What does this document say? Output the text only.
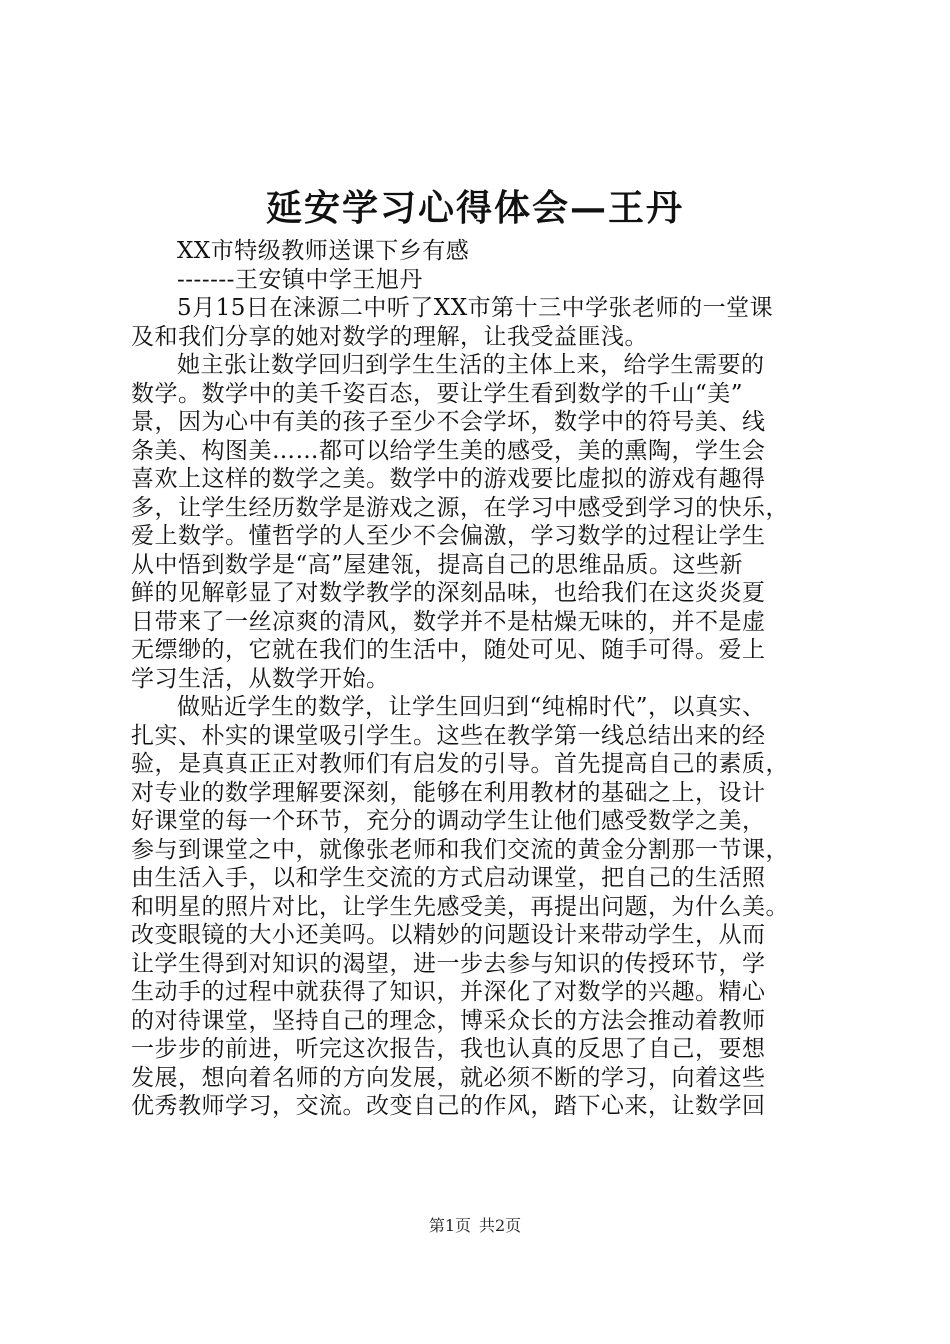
延安学习心得体会—王丹
XX市特级教师送课下乡有感
-------王安镇中学王旭丹
5月15日在涞源二中听了XX市第十三中学张老师的一堂课
及和我们分享的她对数学的理解，让我受益匪浅。
她主张让数学回归到学生生活的主体上来，给学生需要的
数学。数学中的美千姿百态，要让学生看到数学的千山“美”
景，因为心中有美的孩子至少不会学坏，数学中的符号美、线
条美、构图美……都可以给学生美的感受，美的熏陶，学生会
喜欢上这样的数学之美。数学中的游戏要比虚拟的游戏有趣得
多，让学生经历数学是游戏之源，在学习中感受到学习的快乐，
爱上数学。懂哲学的人至少不会偏激，学习数学的过程让学生
从中悟到数学是“高”屋建瓴，提高自己的思维品质。这些新
鲜的见解彰显了对数学教学的深刻品味，也给我们在这炎炎夏
日带来了一丝凉爽的清风，数学并不是枯燥无味的，并不是虚
无缥缈的，它就在我们的生活中，随处可见、随手可得。爱上
学习生活，从数学开始。
做贴近学生的数学，让学生回归到“纯棉时代”，以真实、
扎实、朴实的课堂吸引学生。这些在教学第一线总结出来的经
验，是真真正正对教师们有启发的引导。首先提高自己的素质，
对专业的数学理解要深刻，能够在利用教材的基础之上，设计
好课堂的每一个环节，充分的调动学生让他们感受数学之美，
参与到课堂之中，就像张老师和我们交流的黄金分割那一节课，
由生活入手，以和学生交流的方式启动课堂，把自己的生活照
和明星的照片对比，让学生先感受美，再提出问题，为什么美。
改变眼镜的大小还美吗。以精妙的问题设计来带动学生，从而
让学生得到对知识的渴望，进一步去参与知识的传授环节，学
生动手的过程中就获得了知识，并深化了对数学的兴趣。精心
的对待课堂，坚持自己的理念，博采众长的方法会推动着教师
一步步的前进，听完这次报告，我也认真的反思了自己，要想
发展，想向着名师的方向发展，就必须不断的学习，向着这些
优秀教师学习，交流。改变自己的作风，踏下心来，让数学回
第1页 共2页
